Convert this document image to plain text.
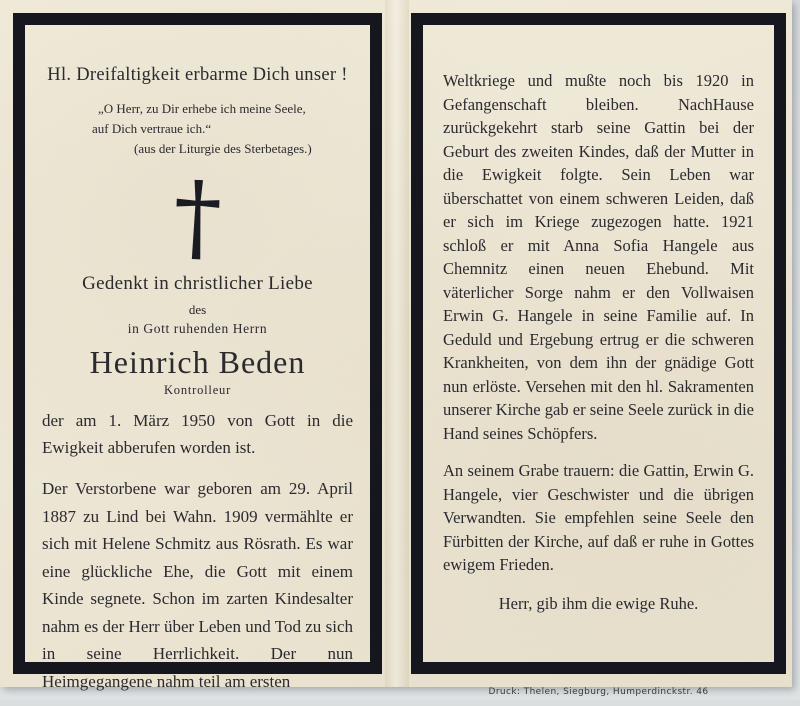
Hl. Dreifaltigkeit erbarme Dich unser !
„O Herr, zu Dir erhebe ich meine Seele,
auf Dich vertraue ich.“
(aus der Liturgie des Sterbetages.)
†
Gedenkt in christlicher Liebe
des
in Gott ruhenden Herrn
Heinrich Beden
Kontrolleur

der am 1. März 1950 von Gott in die Ewigkeit abberufen worden ist.

Der Verstorbene war geboren am 29. April 1887 zu Lind bei Wahn. 1909 vermählte er sich mit Helene Schmitz aus Rösrath. Es war eine glückliche Ehe, die Gott mit einem Kinde segnete. Schon im zarten Kindesalter nahm es der Herr über Leben und Tod zu sich in seine Herrlichkeit. Der nun Heimgegangene nahm teil am ersten

Weltkriege und mußte noch bis 1920 in Gefangenschaft bleiben. NachHause zurückgekehrt starb seine Gattin bei der Geburt des zweiten Kindes, daß der Mutter in die Ewigkeit folgte. Sein Leben war überschattet von einem schweren Leiden, daß er sich im Kriege zugezogen hatte. 1921 schloß er mit Anna Sofia Hangele aus Chemnitz einen neuen Ehebund. Mit väterlicher Sorge nahm er den Vollwaisen Erwin G. Hangele in seine Familie auf. In Geduld und Ergebung ertrug er die schweren Krankheiten, von dem ihn der gnädige Gott nun erlöste. Versehen mit den hl. Sakramenten unserer Kirche gab er seine Seele zurück in die Hand seines Schöpfers.

An seinem Grabe trauern: die Gattin, Erwin G. Hangele, vier Geschwister und die übrigen Verwandten. Sie empfehlen seine Seele den Fürbitten der Kirche, auf daß er ruhe in Gottes ewigem Frieden.

Herr, gib ihm die ewige Ruhe.
Druck: Thelen, Siegburg, Humperdinckstr. 46
